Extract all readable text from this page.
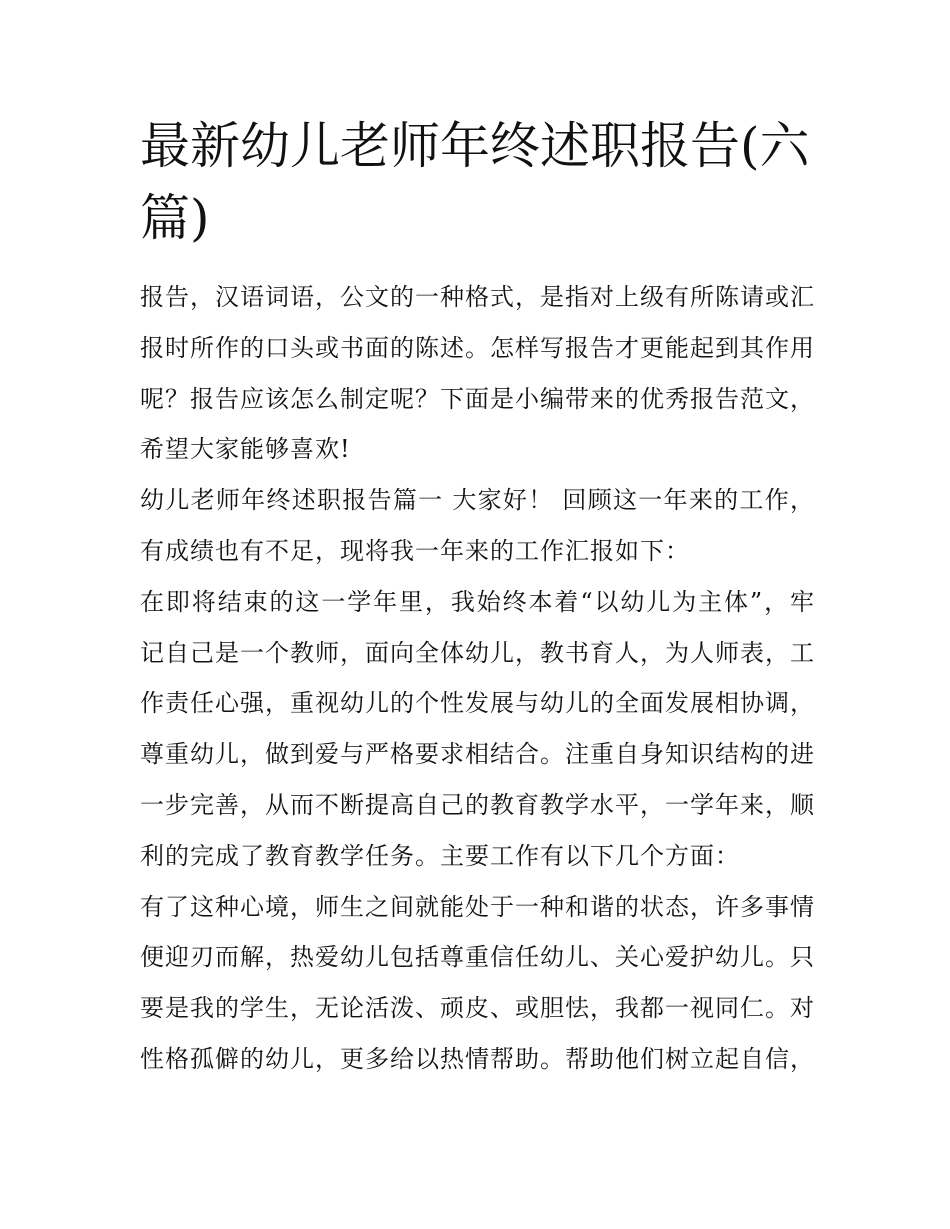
最新幼儿老师年终述职报告(六篇)

报告，汉语词语，公文的一种格式，是指对上级有所陈请或汇报时所作的口头或书面的陈述。怎样写报告才更能起到其作用呢？报告应该怎么制定呢？下面是小编带来的优秀报告范文，希望大家能够喜欢!

幼儿老师年终述职报告篇一 大家好！ 回顾这一年来的工作，有成绩也有不足，现将我一年来的工作汇报如下：

在即将结束的这一学年里，我始终本着“以幼儿为主体”，牢记自己是一个教师，面向全体幼儿，教书育人，为人师表，工作责任心强，重视幼儿的个性发展与幼儿的全面发展相协调，尊重幼儿，做到爱与严格要求相结合。注重自身知识结构的进一步完善，从而不断提高自己的教育教学水平，一学年来，顺利的完成了教育教学任务。主要工作有以下几个方面：

有了这种心境，师生之间就能处于一种和谐的状态，许多事情便迎刃而解，热爱幼儿包括尊重信任幼儿、关心爱护幼儿。只要是我的学生，无论活泼、顽皮、或胆怯，我都一视同仁。对性格孤僻的幼儿，更多给以热情帮助。帮助他们树立起自信，
